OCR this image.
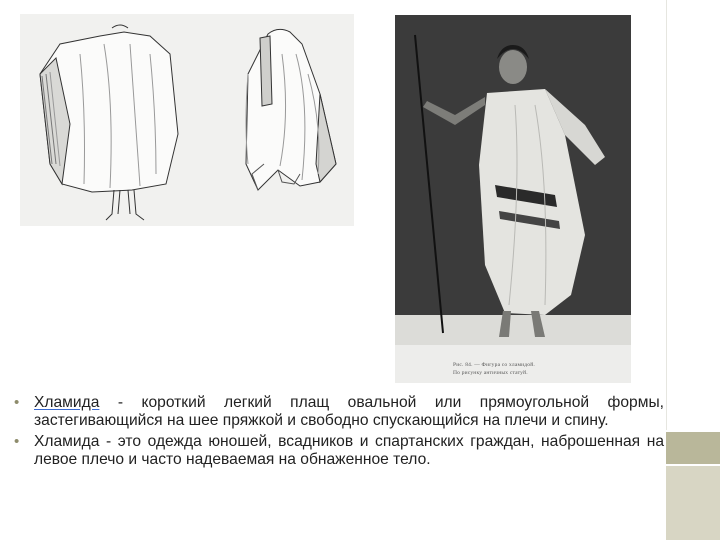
Рис. 84. — Фигура со хламидой.
По рисунку античных статуй.
• Хламида - короткий легкий плащ овальной или прямоугольной формы, застегивающийся на шее пряжкой и свободно спускающийся на плечи и спину.
• Хламида - это одежда юношей, всадников и спартанских граждан, наброшенная на левое плечо и часто надеваемая на обнаженное тело.
